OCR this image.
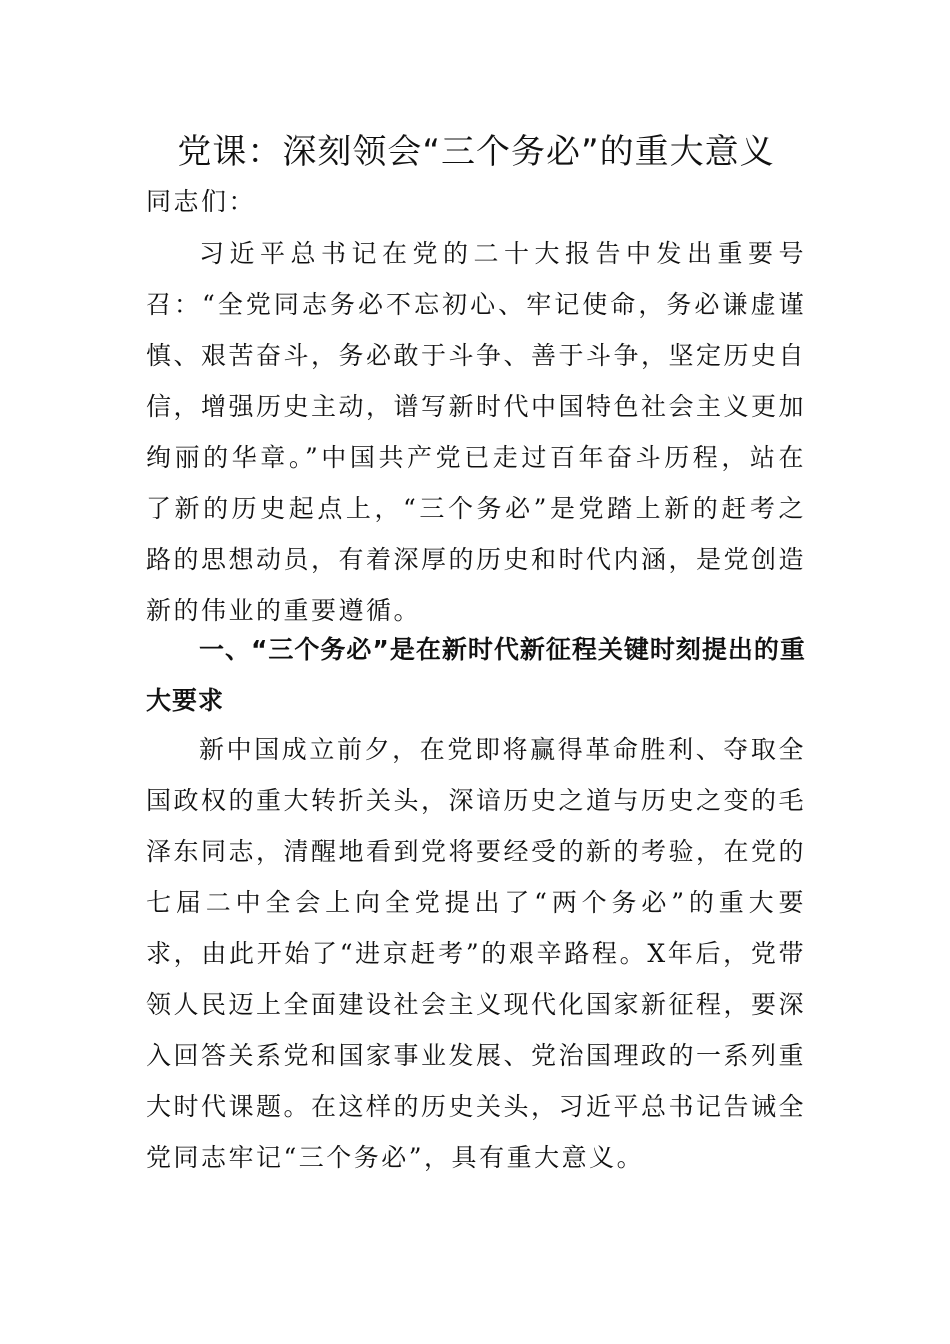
党课：深刻领会“三个务必”的重大意义

同志们：

习近平总书记在党的二十大报告中发出重要号召：“全党同志务必不忘初心、牢记使命，务必谦虚谨慎、艰苦奋斗，务必敢于斗争、善于斗争，坚定历史自信，增强历史主动，谱写新时代中国特色社会主义更加绚丽的华章。”中国共产党已走过百年奋斗历程，站在了新的历史起点上，“三个务必”是党踏上新的赶考之路的思想动员，有着深厚的历史和时代内涵，是党创造新的伟业的重要遵循。

一、“三个务必”是在新时代新征程关键时刻提出的重大要求

新中国成立前夕，在党即将赢得革命胜利、夺取全国政权的重大转折关头，深谙历史之道与历史之变的毛泽东同志，清醒地看到党将要经受的新的考验，在党的七届二中全会上向全党提出了“两个务必”的重大要求，由此开始了“进京赶考”的艰辛路程。X年后，党带领人民迈上全面建设社会主义现代化国家新征程，要深入回答关系党和国家事业发展、党治国理政的一系列重大时代课题。在这样的历史关头，习近平总书记告诫全党同志牢记“三个务必”，具有重大意义。
